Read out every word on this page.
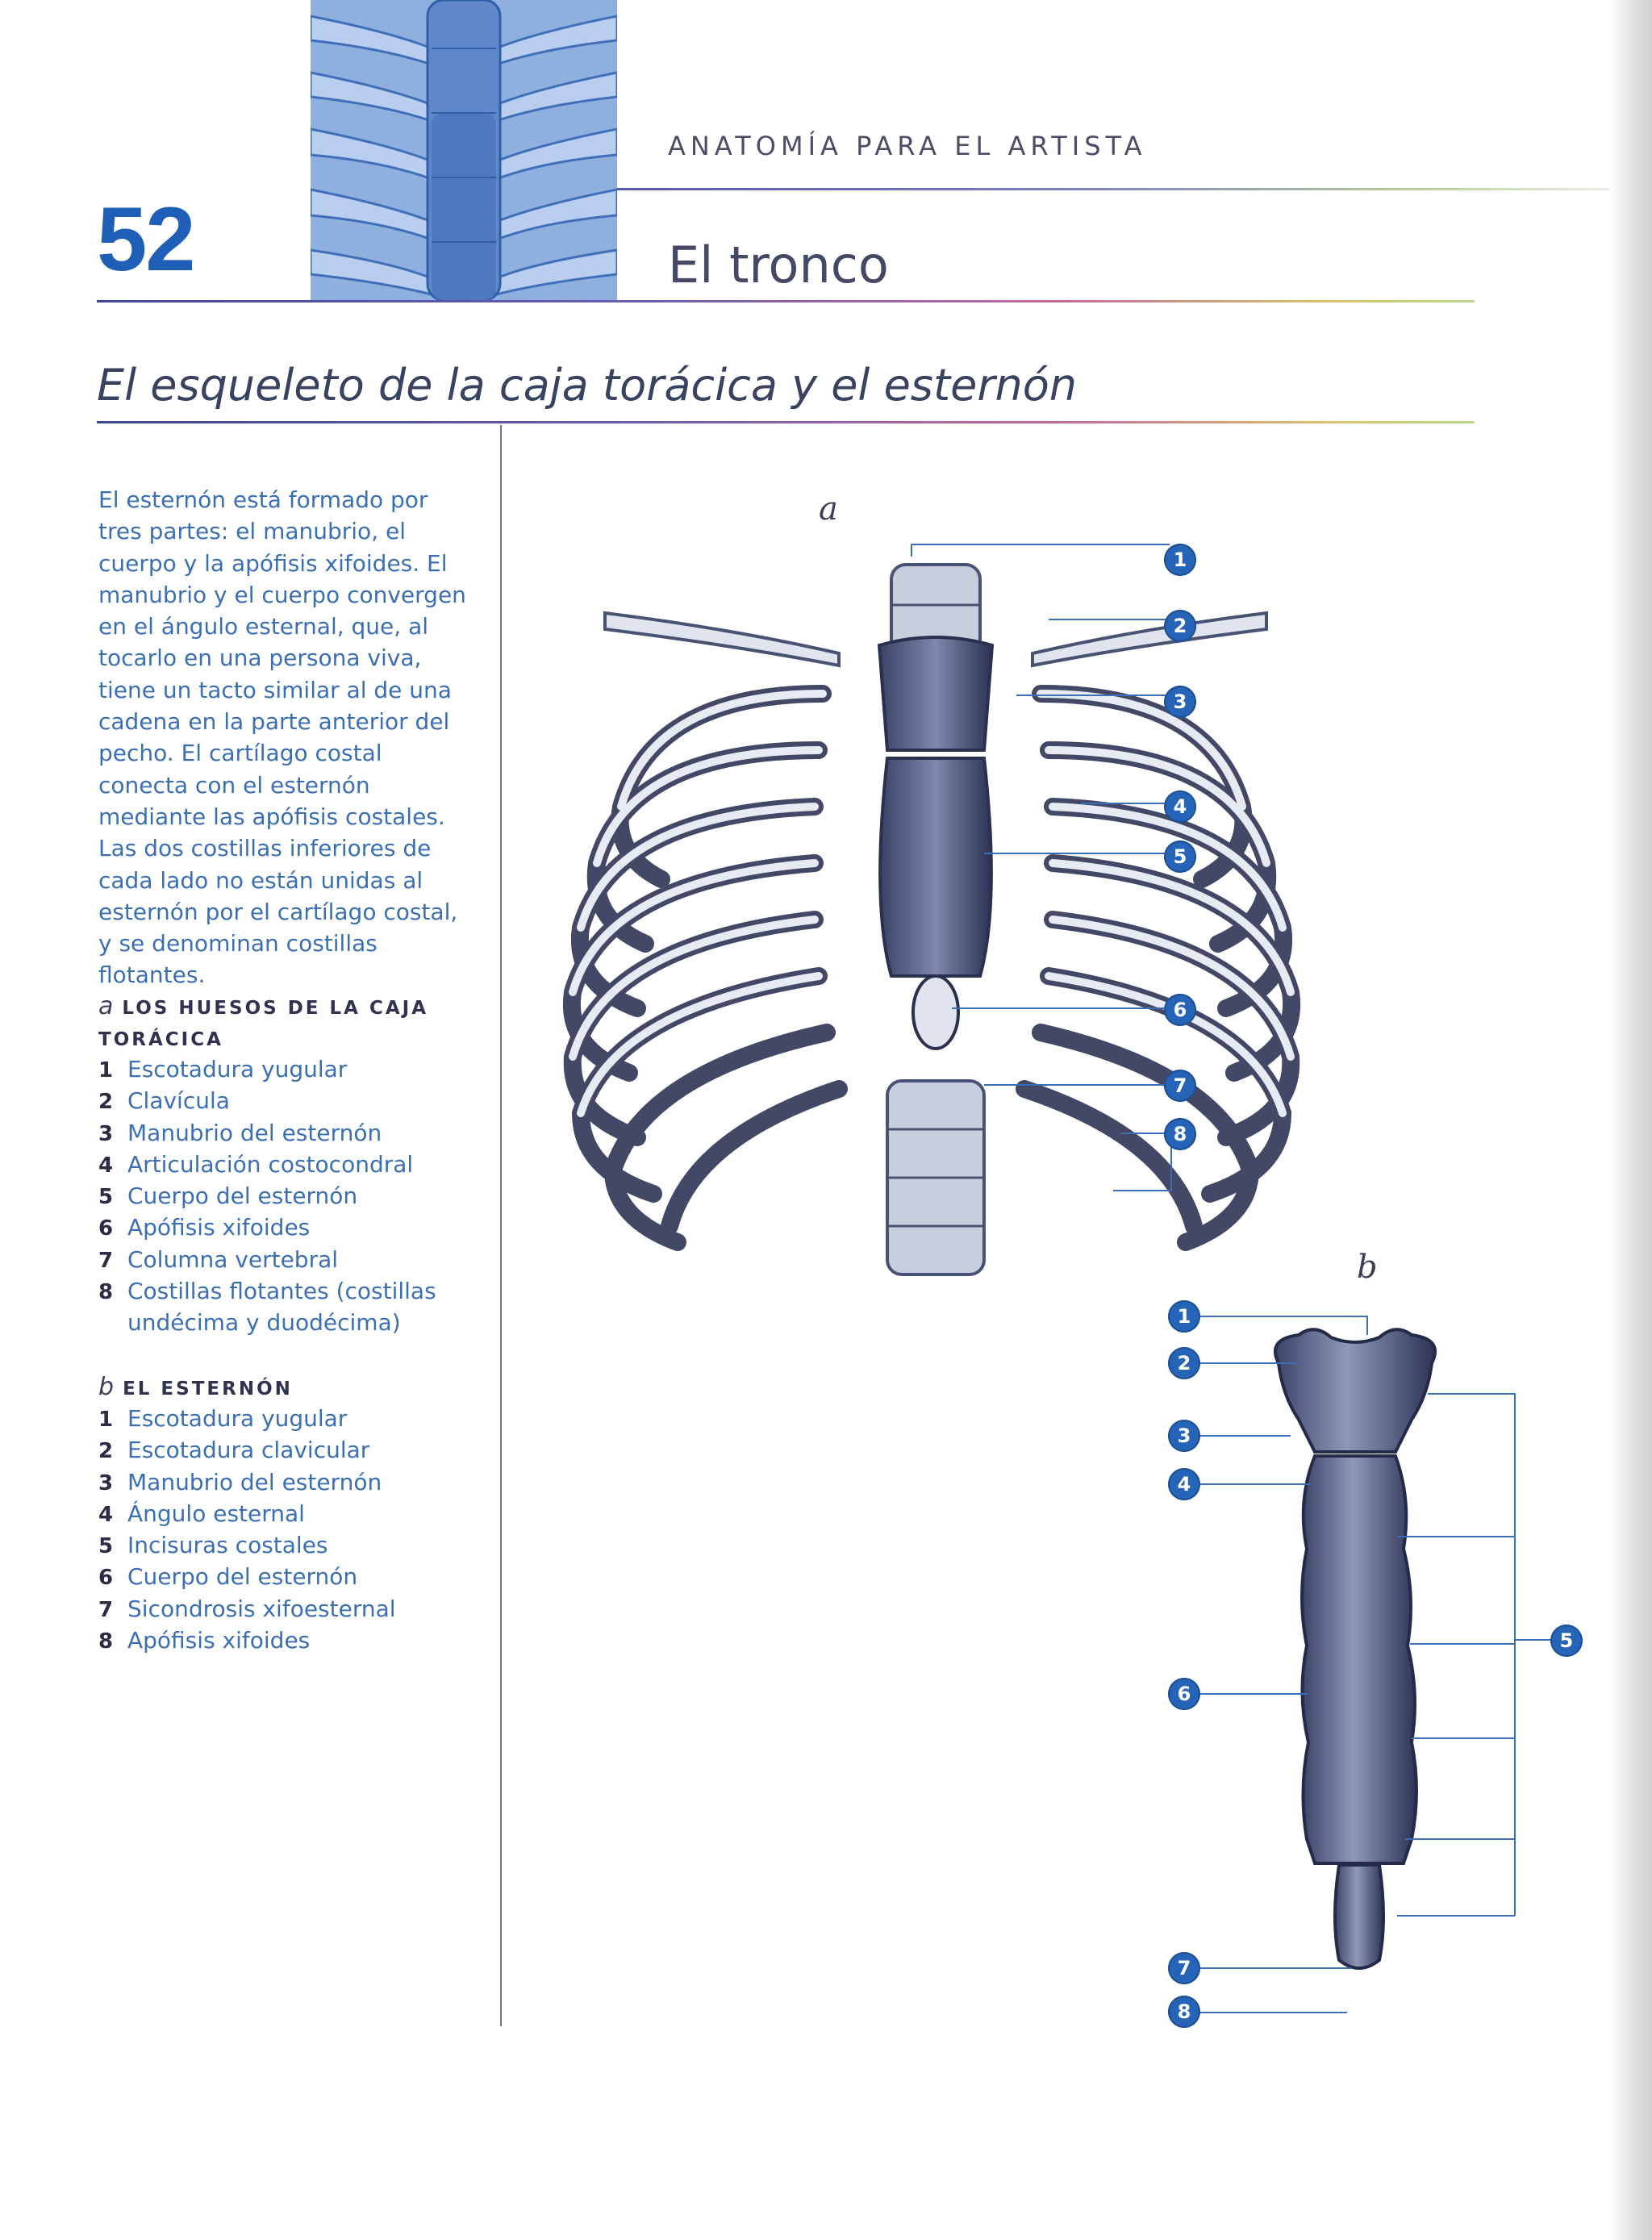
ANATOMÍA PARA EL ARTISTA
52	El tronco
El esqueleto de la caja torácica y el esternón
El esternón está formado por tres partes: el manubrio, el cuerpo y la apófisis xifoides. El manubrio y el cuerpo convergen en el ángulo esternal, que, al tocarlo en una persona viva, tiene un tacto similar al de una cadena en la parte anterior del pecho. El cartílago costal conecta con el esternón mediante las apófisis costales. Las dos costillas inferiores de cada lado no están unidas al esternón por el cartílago costal, y se denominan costillas flotantes.
a LOS HUESOS DE LA CAJA TORÁCICA
1 Escotadura yugular
2 Clavícula
3 Manubrio del esternón
4 Articulación costocondral
5 Cuerpo del esternón
6 Apófisis xifoides
7 Columna vertebral
8 Costillas flotantes (costillas undécima y duodécima)
b EL ESTERNÓN
1 Escotadura yugular
2 Escotadura clavicular
3 Manubrio del esternón
4 Ángulo esternal
5 Incisuras costales
6 Cuerpo del esternón
7 Sicondrosis xifoesternal
8 Apófisis xifoides
a
1
2
3
4
5
6
7
8
b
1
2
3
4
5
6
7
8
